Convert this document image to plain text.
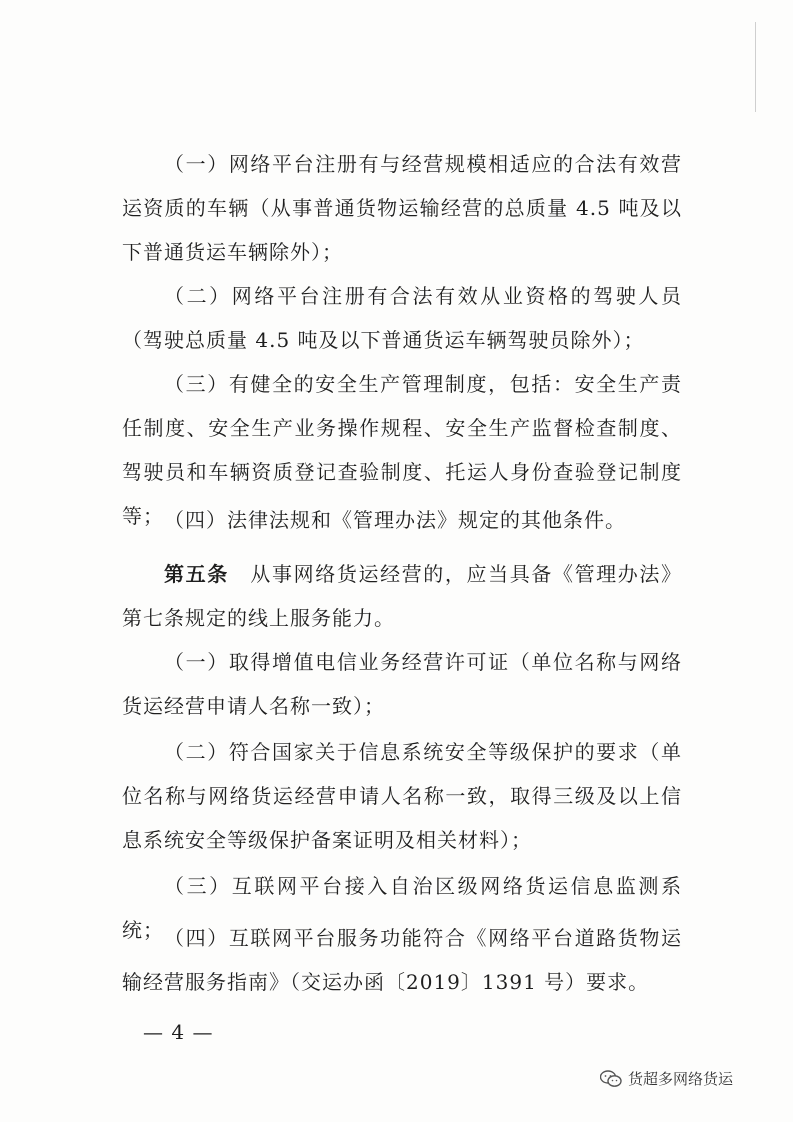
（一）网络平台注册有与经营规模相适应的合法有效营运资质的车辆（从事普通货物运输经营的总质量 4.5 吨及以下普通货运车辆除外）；

（二）网络平台注册有合法有效从业资格的驾驶人员（驾驶总质量 4.5 吨及以下普通货运车辆驾驶员除外）；

（三）有健全的安全生产管理制度，包括：安全生产责任制度、安全生产业务操作规程、安全生产监督检查制度、驾驶员和车辆资质登记查验制度、托运人身份查验登记制度等； （四）法律法规和《管理办法》规定的其他条件。

第五条　从事网络货运经营的，应当具备《管理办法》第七条规定的线上服务能力。

（一）取得增值电信业务经营许可证（单位名称与网络货运经营申请人名称一致）；

（二）符合国家关于信息系统安全等级保护的要求（单位名称与网络货运经营申请人名称一致，取得三级及以上信息系统安全等级保护备案证明及相关材料）；

（三）互联网平台接入自治区级网络货运信息监测系统； （四）互联网平台服务功能符合《网络平台道路货物运输经营服务指南》（交运办函〔2019〕1391 号）要求。

— 4 —
货超多网络货运
